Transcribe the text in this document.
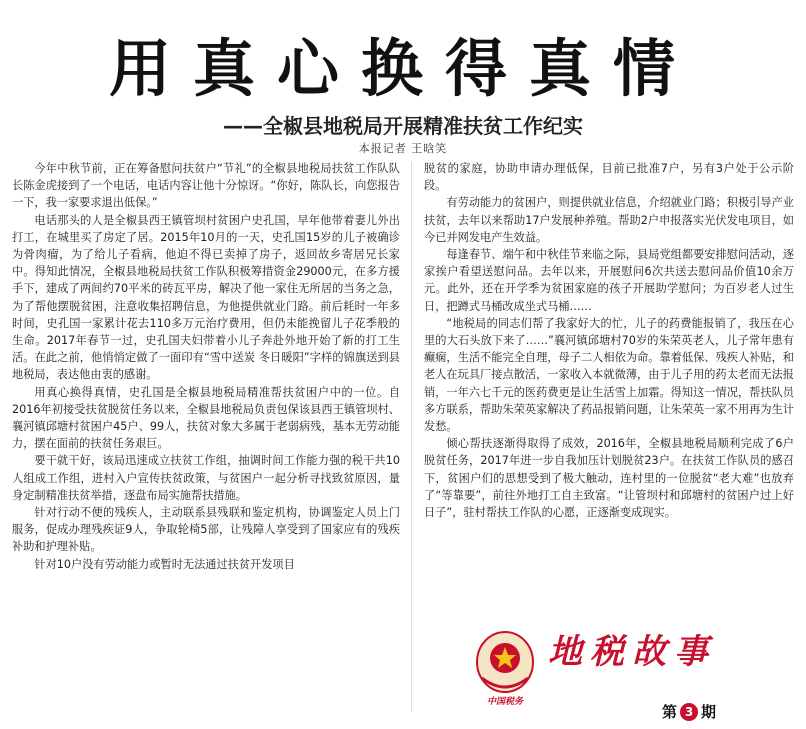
用真心换得真情
——全椒县地税局开展精准扶贫工作纪实
本报记者 王晗笑

今年中秋节前，正在筹备慰问扶贫户“节礼”的全椒县地税局扶贫工作队队长陈金虎接到了一个电话，电话内容让他十分惊讶。“你好，陈队长，向您报告一下，我一家要求退出低保。”

电话那头的人是全椒县西王镇管坝村贫困户史孔国，早年他带着妻儿外出打工，在城里买了房定了居。2015年10月的一天，史孔国15岁的儿子被确诊为骨肉瘤，为了给儿子看病，他迫不得已卖掉了房子，返回故乡寄居兄长家中。得知此情况，全椒县地税局扶贫工作队积极筹措资金29000元，在多方援手下，建成了两间约70平米的砖瓦平房，解决了他一家住无所居的当务之急，为了帮他摆脱贫困，注意收集招聘信息，为他提供就业门路。前后耗时一年多时间，史孔国一家累计花去110多万元治疗费用，但仍未能挽留儿子花季般的生命。2017年春节一过，史孔国夫妇带着小儿子奔赴外地开始了新的打工生活。在此之前，他悄悄定做了一面印有“雪中送炭 冬日暖阳”字样的锦旗送到县地税局，表达他由衷的感谢。

用真心换得真情，史孔国是全椒县地税局精准帮扶贫困户中的一位。自2016年初接受扶贫脱贫任务以来，全椒县地税局负责包保该县西王镇管坝村、襄河镇邱塘村贫困户45户、99人，扶贫对象大多属于老弱病残，基本无劳动能力，摆在面前的扶贫任务艰巨。

要干就干好，该局迅速成立扶贫工作组，抽调时间工作能力强的税干共10人组成工作组，进村入户宣传扶贫政策，与贫困户一起分析寻找致贫原因，量身定制精准扶贫举措，逐盘布局实施帮扶措施。

针对行动不便的残疾人，主动联系县残联和鉴定机构，协调鉴定人员上门服务，促成办理残疾证9人，争取轮椅5部，让残障人享受到了国家应有的残疾补助和护理补贴。

针对10户没有劳动能力或暂时无法通过扶贫开发项目

脱贫的家庭，协助申请办理低保，目前已批准7户，另有3户处于公示阶段。

有劳动能力的贫困户，则提供就业信息，介绍就业门路；积极引导产业扶贫，去年以来帮助17户发展种养殖。帮助2户申报落实光伏发电项目，如今已并网发电产生效益。

每逢春节、端午和中秋佳节来临之际，县局党组都要安排慰问活动，逐家挨户看望送慰问品。去年以来，开展慰问6次共送去慰问品价值10余万元。此外，还在开学季为贫困家庭的孩子开展助学慰问；为百岁老人过生日，把蹲式马桶改成坐式马桶……

“地税局的同志们帮了我家好大的忙，儿子的药费能报销了，我压在心里的大石头放下来了……”襄河镇邱塘村70岁的朱荣英老人，儿子常年患有癫痫，生活不能完全自理，母子二人相依为命。靠着低保、残疾人补贴，和老人在玩具厂接点散活，一家收入本就微薄，由于儿子用的药太老而无法报销，一年六七千元的医药费更是让生活雪上加霜。得知这一情况，帮扶队员多方联系，帮助朱荣英家解决了药品报销问题，让朱荣英一家不用再为生计发愁。

倾心帮扶逐渐得取得了成效，2016年，全椒县地税局顺利完成了6户脱贫任务，2017年进一步自我加压计划脱贫23户。在扶贫工作队员的感召下，贫困户们的思想受到了极大触动，连村里的一位脱贫“老大难”也放弃了“等靠要”，前往外地打工自主致富。“让管坝村和邱塘村的贫困户过上好日子”，驻村帮扶工作队的心愿，正逐渐变成现实。

中国税务
地税故事
第 3 期
